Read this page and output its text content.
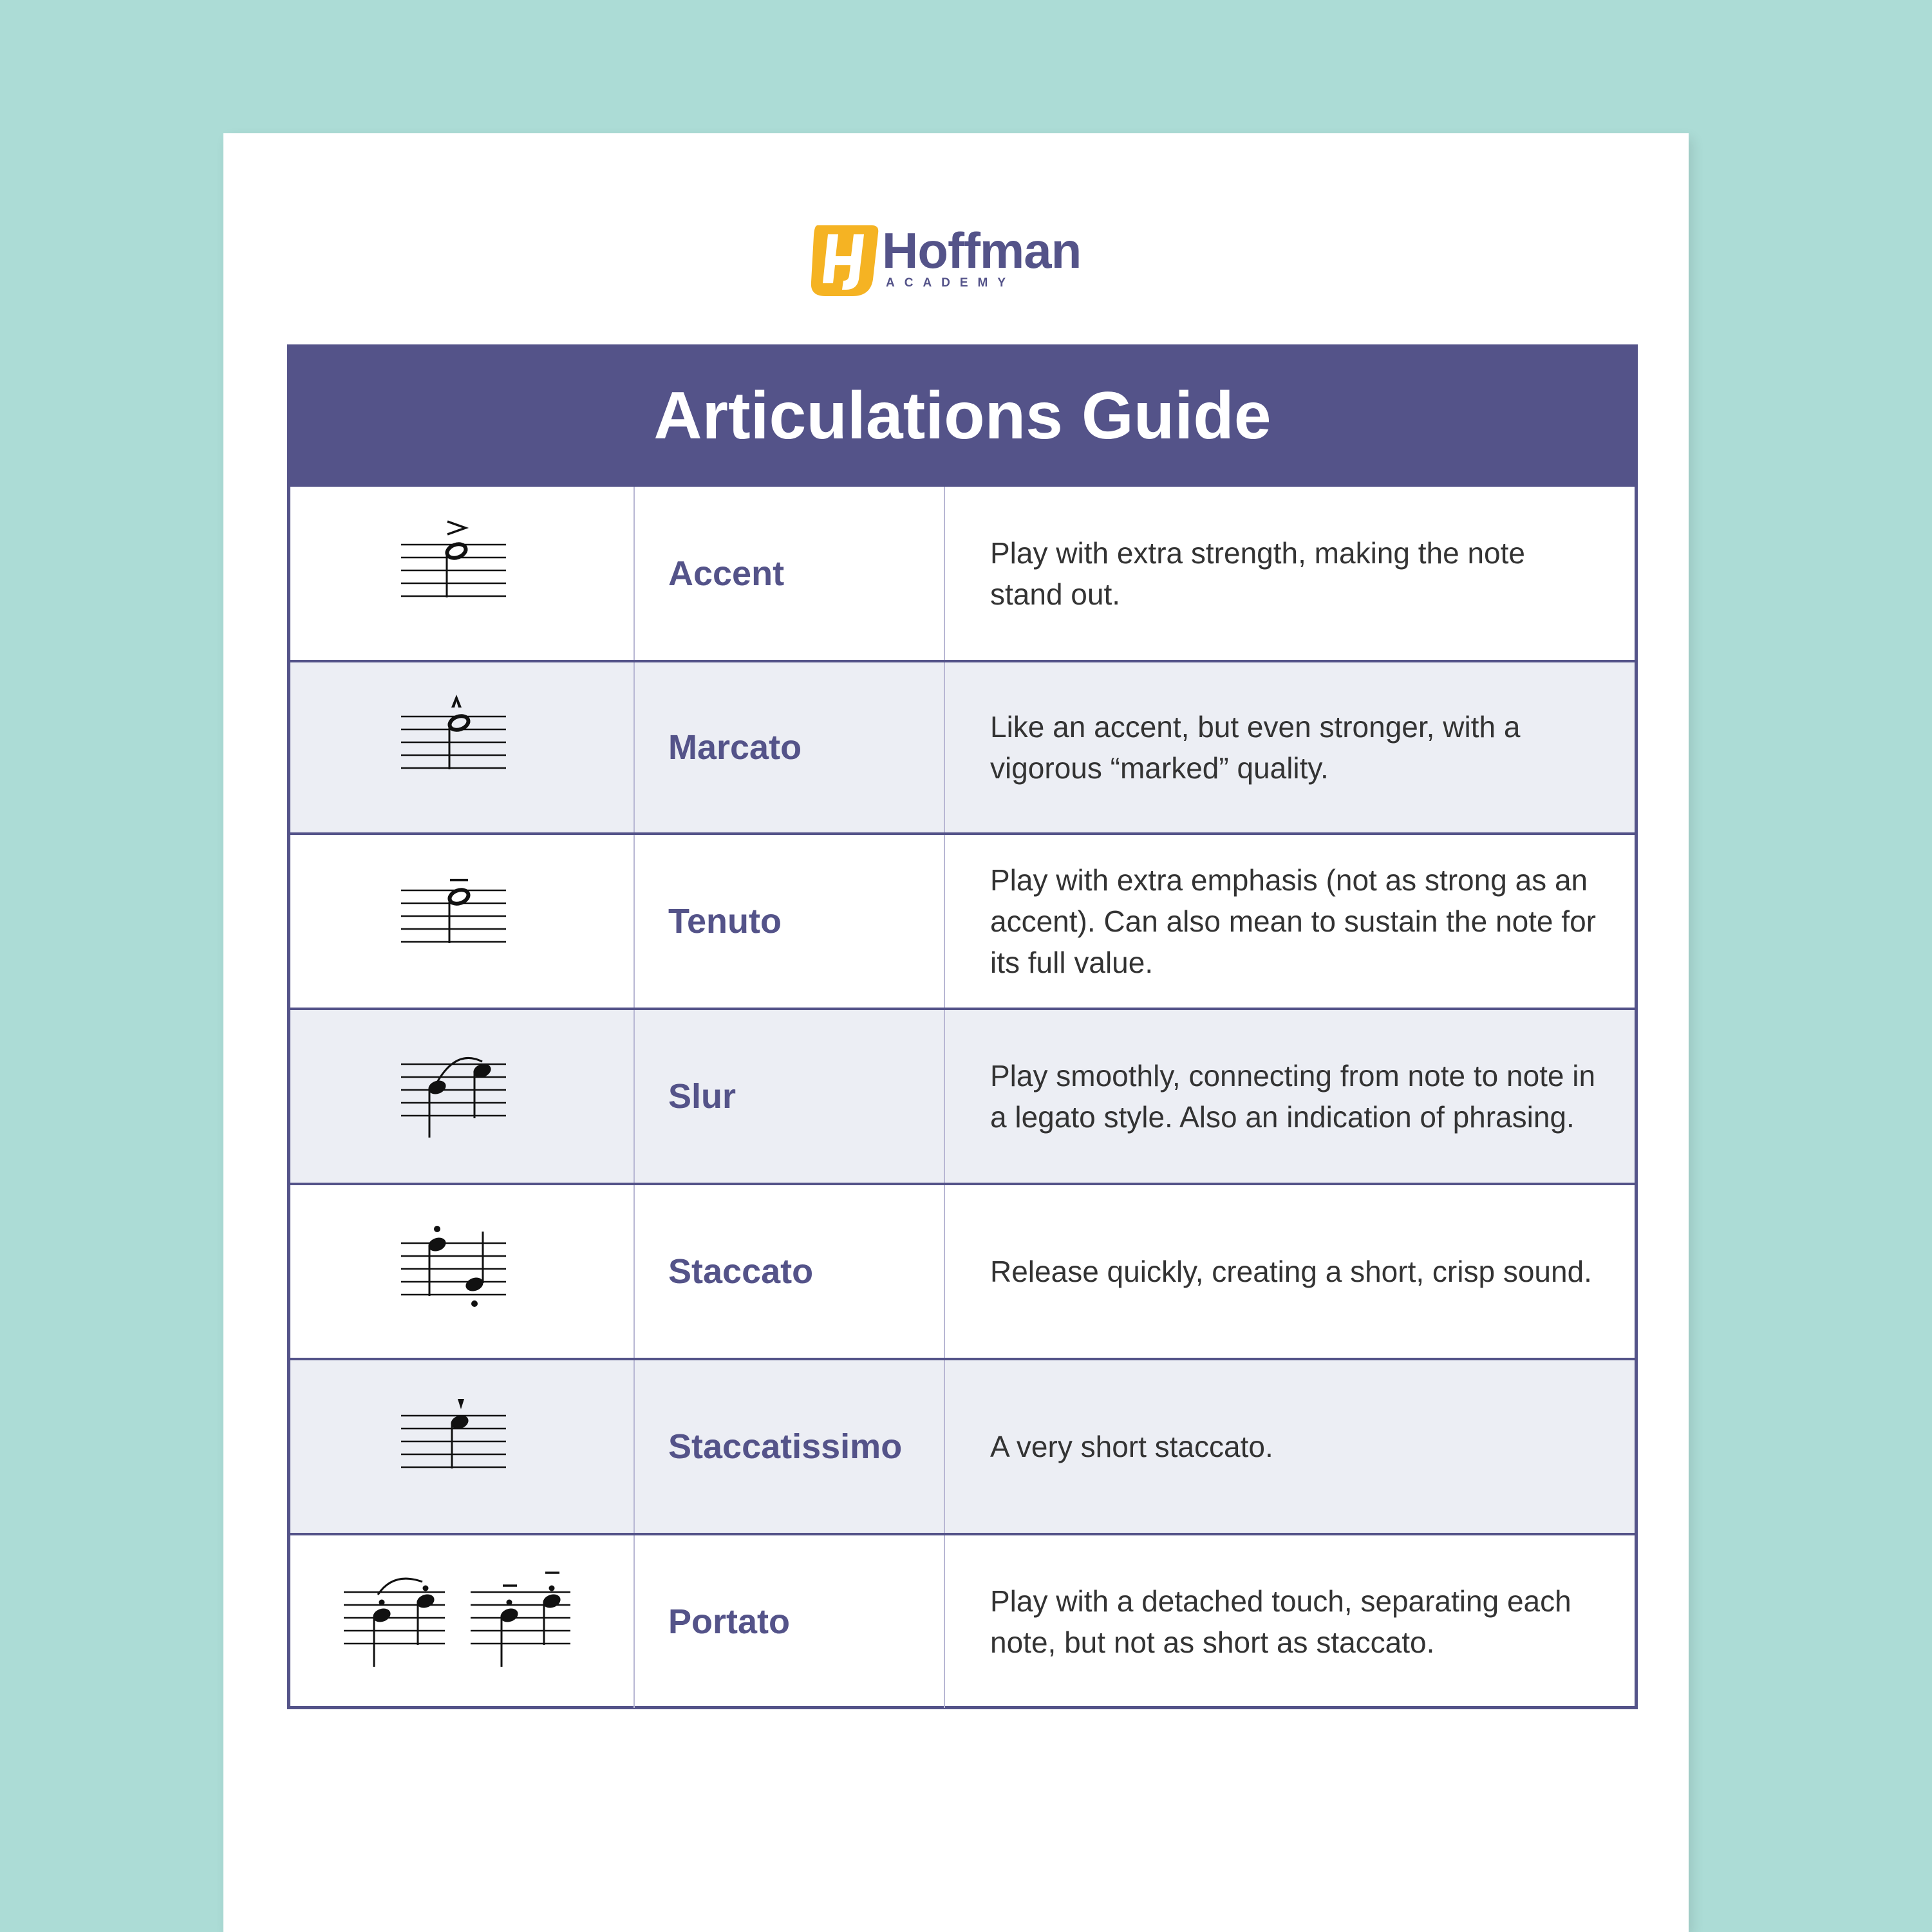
Hoffman
ACADEMY
Articulations Guide
Accent
Play with extra strength, making the note stand out.
Marcato
Like an accent, but even stronger, with a vigorous “marked” quality.
Tenuto
Play with extra emphasis (not as strong as an accent). Can also mean to sustain the note for its full value.
Slur
Play smoothly, connecting from note to note in a legato style. Also an indication of phrasing.
Staccato	Release quickly, creating a short, crisp sound.
Staccatissimo	A very short staccato.
Portato
Play with a detached touch, separating each note, but not as short as staccato.
